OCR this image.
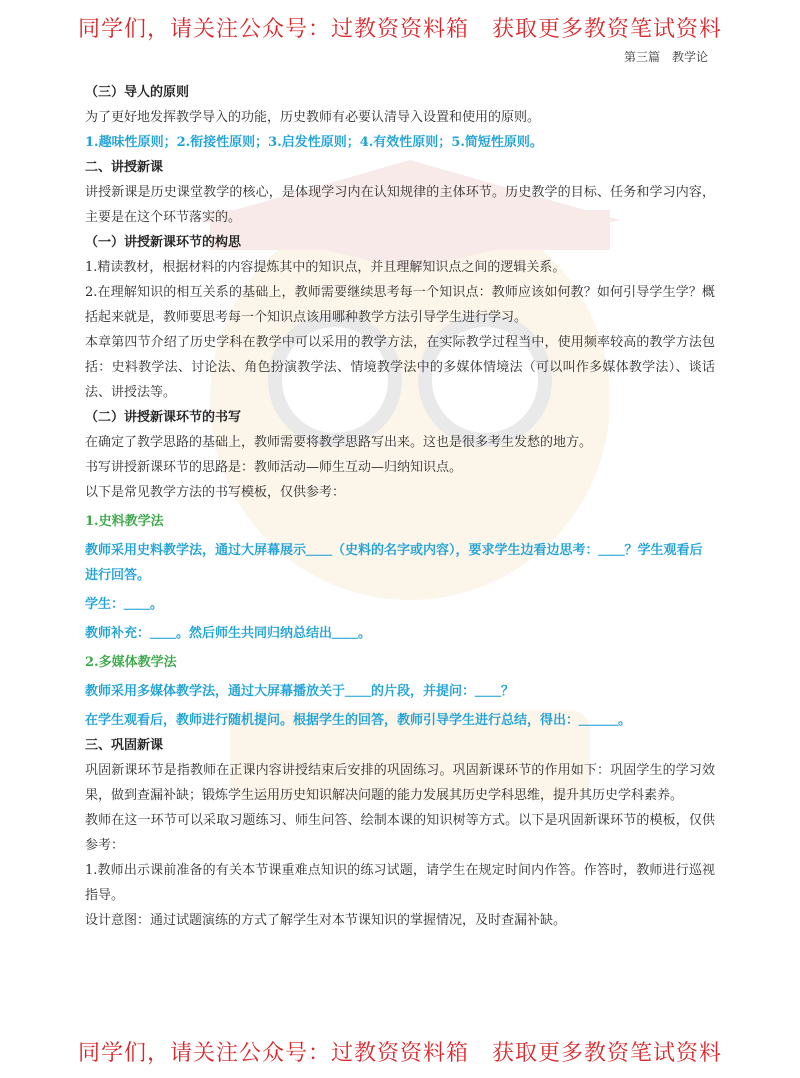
同学们，请关注公众号：过教资资料箱　获取更多教资笔试资料
第三篇　教学论

（三）导人的原则

为了更好地发挥教学导入的功能，历史教师有必要认清导入设置和使用的原则。

1.趣味性原则；2.衔接性原则；3.启发性原则；4.有效性原则；5.简短性原则。

二、讲授新课

讲授新课是历史课堂教学的核心，是体现学习内在认知规律的主体环节。历史教学的目标、任务和学习内容，主要是在这个环节落实的。

（一）讲授新课环节的构思

1.精读教材，根据材料的内容提炼其中的知识点，并且理解知识点之间的逻辑关系。

2.在理解知识的相互关系的基础上，教师需要继续思考每一个知识点：教师应该如何教？如何引导学生学？概括起来就是，教师要思考每一个知识点该用哪种教学方法引导学生进行学习。

本章第四节介绍了历史学科在教学中可以采用的教学方法，在实际教学过程当中，使用频率较高的教学方法包括：史料教学法、讨论法、角色扮演教学法、情境教学法中的多媒体情境法（可以叫作多媒体教学法）、谈话法、讲授法等。

（二）讲授新课环节的书写

在确定了教学思路的基础上，教师需要将教学思路写出来。这也是很多考生发愁的地方。

书写讲授新课环节的思路是：教师活动—师生互动—归纳知识点。

以下是常见教学方法的书写模板，仅供参考：

1.史料教学法

教师采用史料教学法，通过大屏幕展示＿＿（史料的名字或内容），要求学生边看边思考：＿＿？学生观看后进行回答。

学生：＿＿。

教师补充：＿＿。然后师生共同归纳总结出＿＿。

2.多媒体教学法

教师采用多媒体教学法，通过大屏幕播放关于＿＿的片段，并提问：＿＿？

在学生观看后，教师进行随机提问。根据学生的回答，教师引导学生进行总结，得出：＿＿＿。

三、巩固新课

巩固新课环节是指教师在正课内容讲授结束后安排的巩固练习。巩固新课环节的作用如下：巩固学生的学习效果，做到查漏补缺；锻炼学生运用历史知识解决问题的能力发展其历史学科思维，提升其历史学科素养。

教师在这一环节可以采取习题练习、师生问答、绘制本课的知识树等方式。以下是巩固新课环节的模板，仅供参考：

1.教师出示课前准备的有关本节课重难点知识的练习试题，请学生在规定时间内作答。作答时，教师进行巡视指导。

设计意图：通过试题演练的方式了解学生对本节课知识的掌握情况，及时查漏补缺。

同学们，请关注公众号：过教资资料箱　获取更多教资笔试资料
